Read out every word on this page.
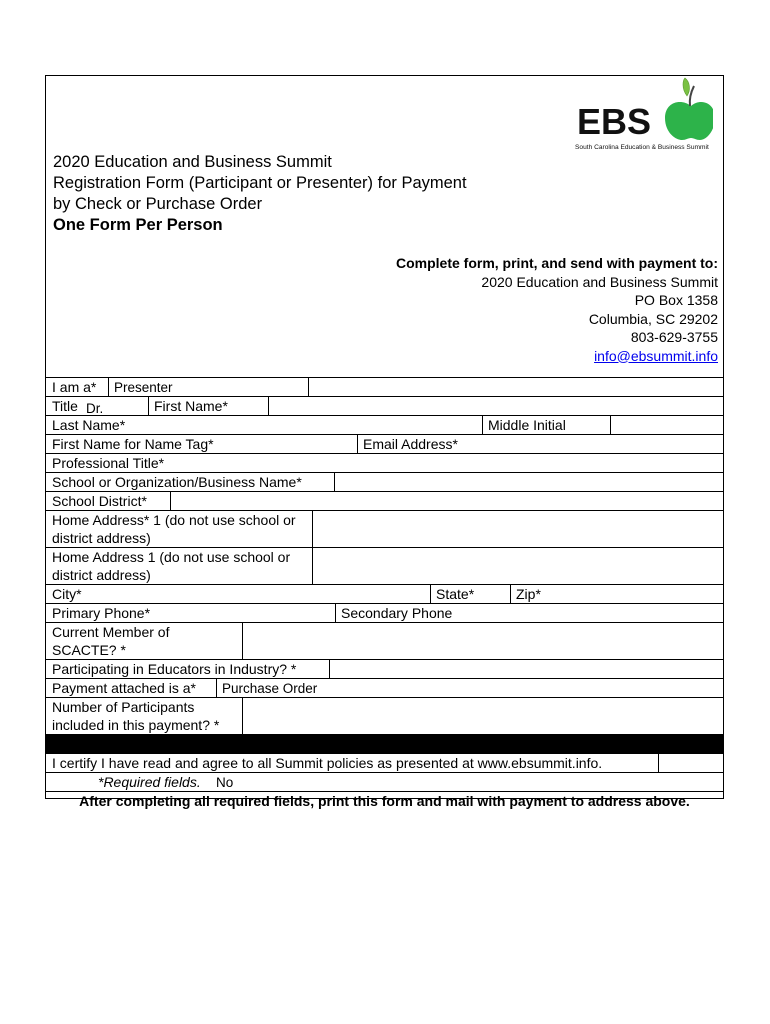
EBS
South Carolina Education & Business Summit
2020 Education and Business Summit
Registration Form (Participant or Presenter) for Payment
by Check or Purchase Order
One Form Per Person
Complete form, print, and send with payment to:
2020 Education and Business Summit
PO Box 1358
Columbia, SC 29202
803-629-3755
info@ebsummit.info
I am a*	Presenter
Title Dr.	First Name*
Last Name*	Middle Initial
First Name for Name Tag*	Email Address*
Professional Title*
School or Organization/Business Name*
School District*
Home Address* 1 (do not use school or district address)
Home Address 1 (do not use school or district address)
City*	State*	Zip*
Primary Phone*	Secondary Phone
Current Member of SCACTE? *
Participating in Educators in Industry? *
Payment attached is a*	Purchase Order
Number of Participants included in this payment? *
I certify I have read and agree to all Summit policies as presented at www.ebsummit.info.
*Required fields.	No
After completing all required fields, print this form and mail with payment to address above.
